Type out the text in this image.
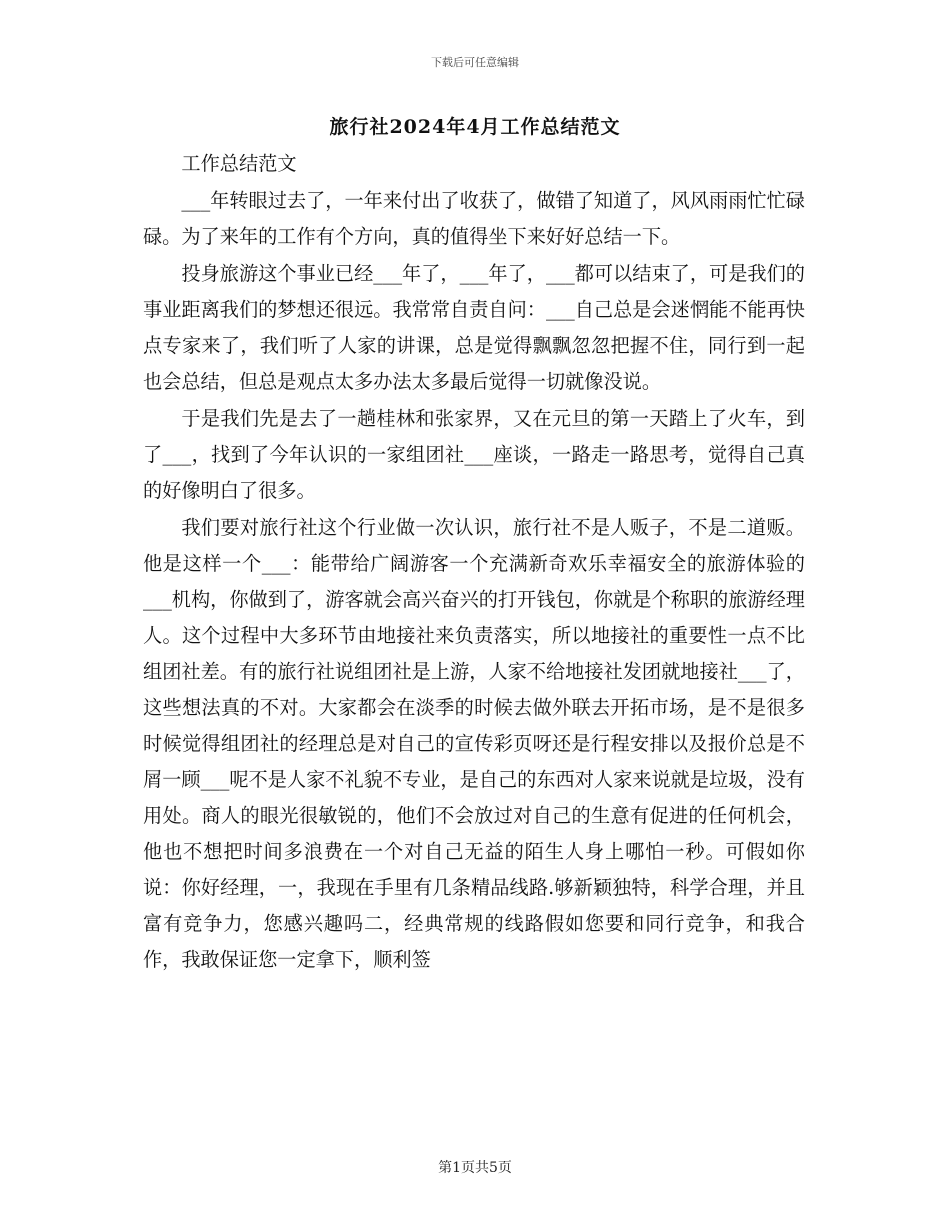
下载后可任意编辑
旅行社2024年4月工作总结范文

工作总结范文

___年转眼过去了，一年来付出了收获了，做错了知道了，风风雨雨忙忙碌碌。为了来年的工作有个方向，真的值得坐下来好好总结一下。

投身旅游这个事业已经___年了，___年了，___都可以结束了，可是我们的事业距离我们的梦想还很远。我常常自责自问：___自己总是会迷惘能不能再快点专家来了，我们听了人家的讲课，总是觉得飘飘忽忽把握不住，同行到一起也会总结，但总是观点太多办法太多最后觉得一切就像没说。

于是我们先是去了一趟桂林和张家界，又在元旦的第一天踏上了火车，到了___，找到了今年认识的一家组团社___座谈，一路走一路思考，觉得自己真的好像明白了很多。

我们要对旅行社这个行业做一次认识，旅行社不是人贩子，不是二道贩。他是这样一个___：能带给广阔游客一个充满新奇欢乐幸福安全的旅游体验的___机构，你做到了，游客就会高兴奋兴的打开钱包，你就是个称职的旅游经理人。这个过程中大多环节由地接社来负责落实，所以地接社的重要性一点不比组团社差。有的旅行社说组团社是上游，人家不给地接社发团就地接社___了，这些想法真的不对。大家都会在淡季的时候去做外联去开拓市场，是不是很多时候觉得组团社的经理总是对自己的宣传彩页呀还是行程安排以及报价总是不屑一顾___呢不是人家不礼貌不专业，是自己的东西对人家来说就是垃圾，没有用处。商人的眼光很敏锐的，他们不会放过对自己的生意有促进的任何机会，他也不想把时间多浪费在一个对自己无益的陌生人身上哪怕一秒。可假如你说：你好经理，一，我现在手里有几条精品线路.够新颖独特，科学合理，并且富有竞争力，您感兴趣吗二，经典常规的线路假如您要和同行竞争，和我合作，我敢保证您一定拿下，顺利签

第1页共5页
